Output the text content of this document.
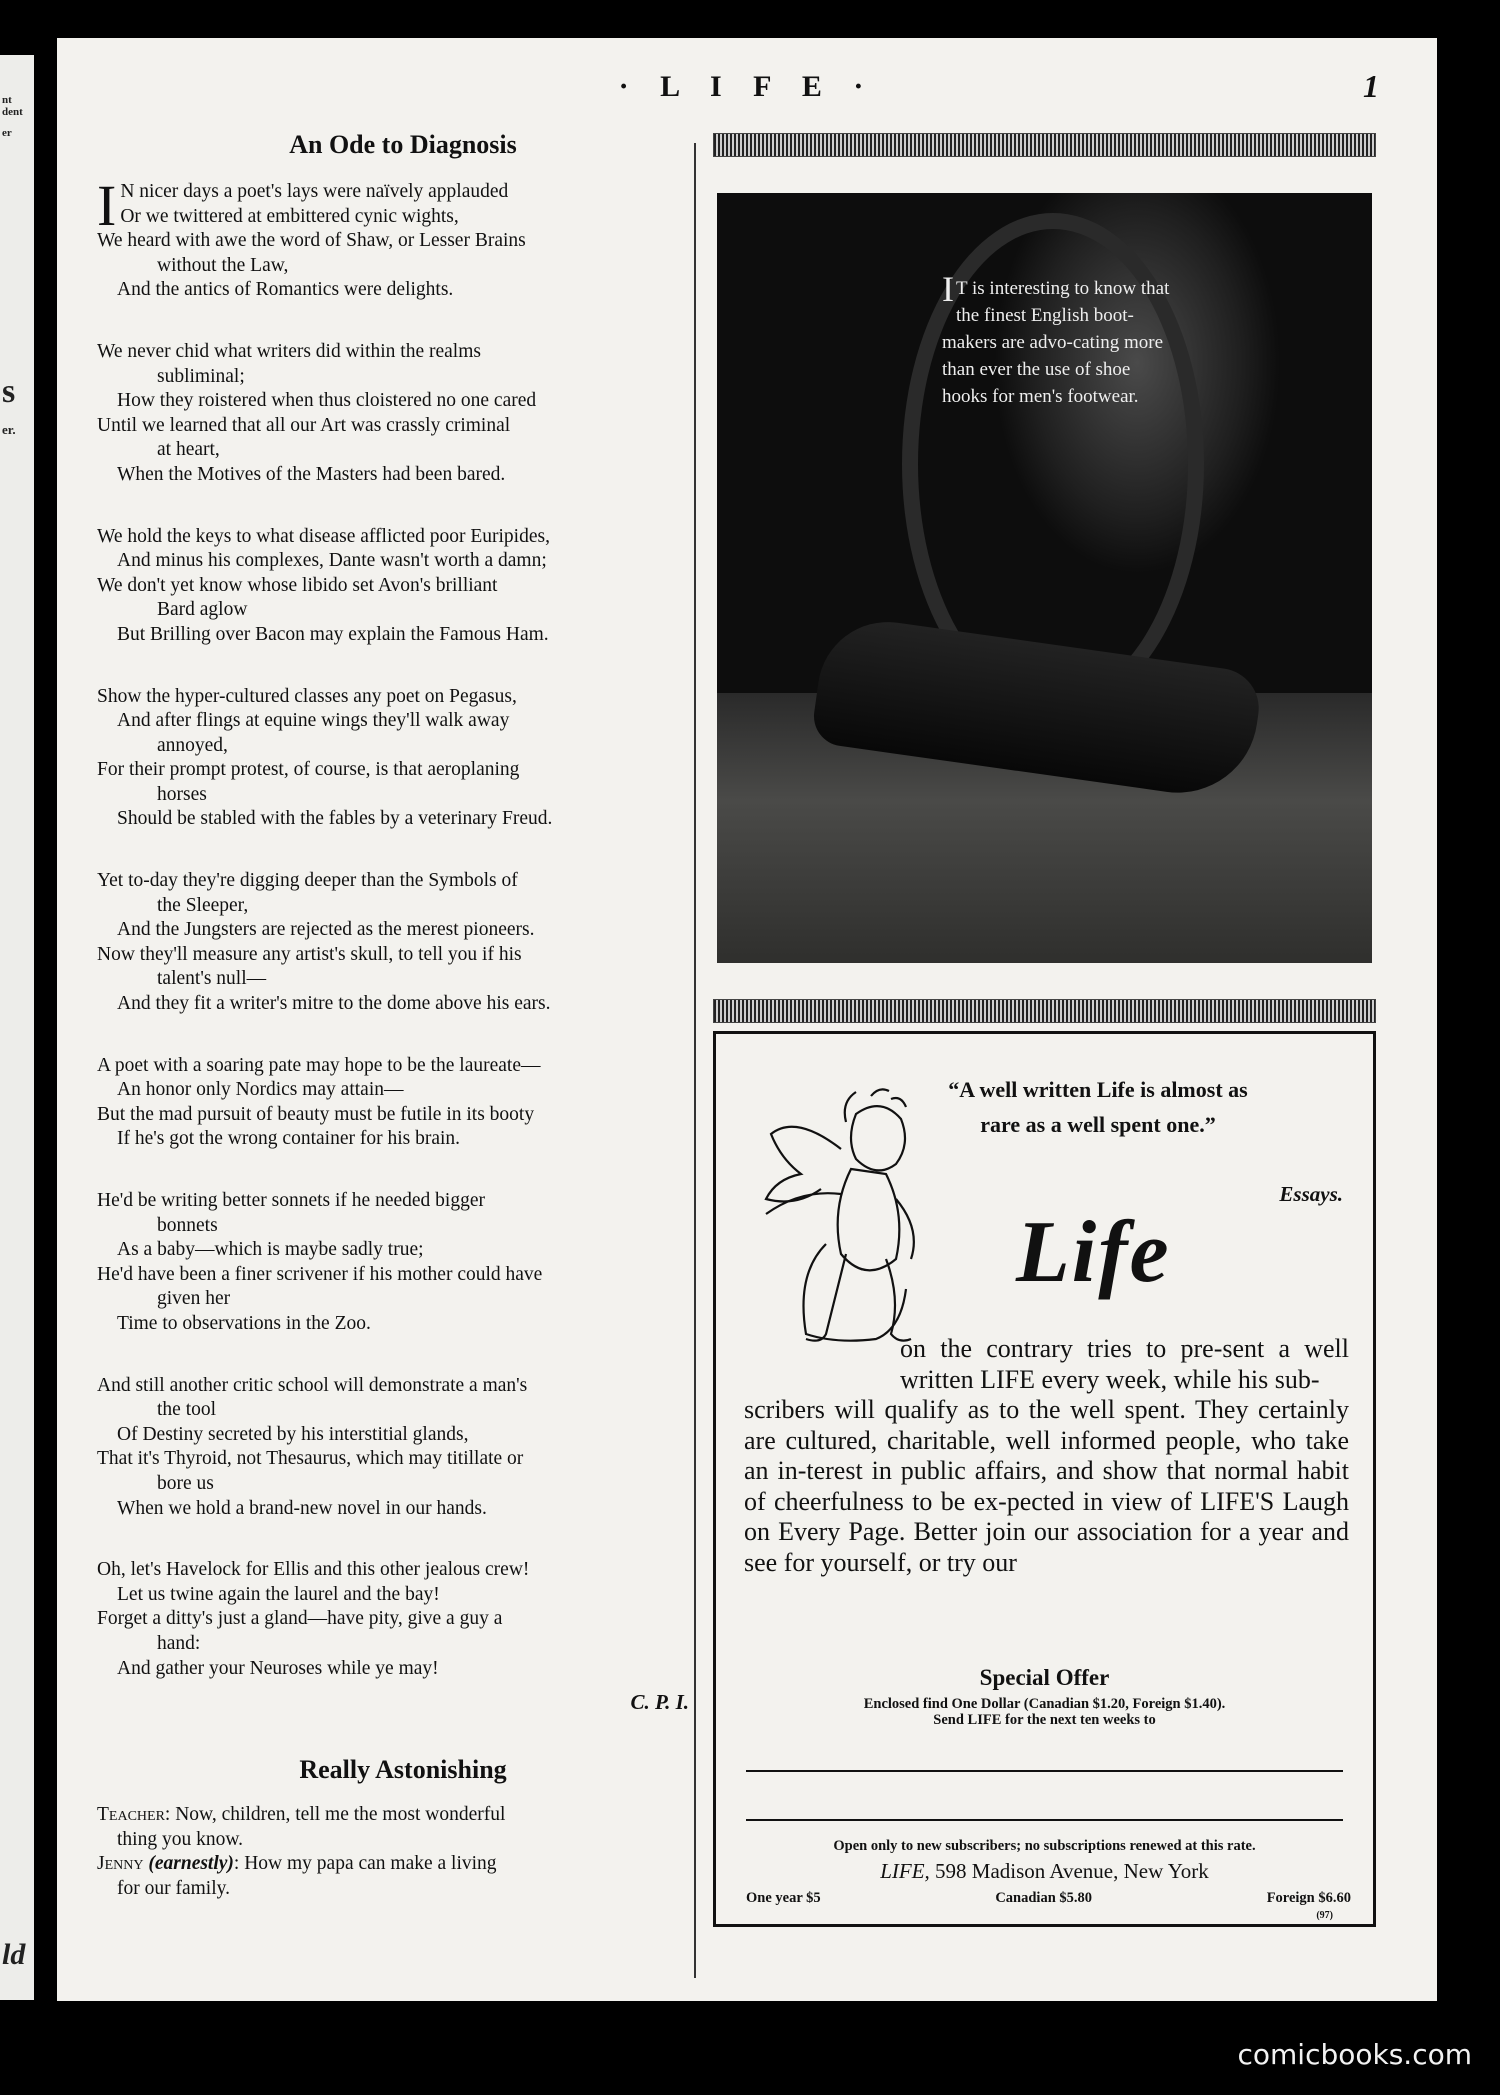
nt
dent
er
s
er.
ld
· L I F E ·	1
An Ode to Diagnosis
I N nicer days a poet's lays were naïvely applauded
Or we twittered at embittered cynic wights,
We heard with awe the word of Shaw, or Lesser Brains
without the Law,
And the antics of Romantics were delights.
We never chid what writers did within the realms
subliminal;
How they roistered when thus cloistered no one cared
Until we learned that all our Art was crassly criminal
at heart,
When the Motives of the Masters had been bared.
We hold the keys to what disease afflicted poor Euripides,
And minus his complexes, Dante wasn't worth a damn;
We don't yet know whose libido set Avon's brilliant
Bard aglow
But Brilling over Bacon may explain the Famous Ham.
Show the hyper-cultured classes any poet on Pegasus,
And after flings at equine wings they'll walk away
annoyed,
For their prompt protest, of course, is that aeroplaning
horses
Should be stabled with the fables by a veterinary Freud.
Yet to-day they're digging deeper than the Symbols of
the Sleeper,
And the Jungsters are rejected as the merest pioneers.
Now they'll measure any artist's skull, to tell you if his
talent's null—
And they fit a writer's mitre to the dome above his ears.
A poet with a soaring pate may hope to be the laureate—
An honor only Nordics may attain—
But the mad pursuit of beauty must be futile in its booty
If he's got the wrong container for his brain.
He'd be writing better sonnets if he needed bigger
bonnets
As a baby—which is maybe sadly true;
He'd have been a finer scrivener if his mother could have
given her
Time to observations in the Zoo.
And still another critic school will demonstrate a man's
the tool
Of Destiny secreted by his interstitial glands,
That it's Thyroid, not Thesaurus, which may titillate or
bore us
When we hold a brand-new novel in our hands.
Oh, let's Havelock for Ellis and this other jealous crew!
Let us twine again the laurel and the bay!
Forget a ditty's just a gland—have pity, give a guy a
hand:
And gather your Neuroses while ye may!
C. P. I.
Really Astonishing
Teacher: Now, children, tell me the most wonderful
thing you know.
Jenny (earnestly): How my papa can make a living
for our family.
I T is interesting to know that the finest English boot-makers are advo-cating more than ever the use of shoe hooks for men's footwear.
“A well written Life is almost as rare as a well spent one.”
Essays.
Life
on the contrary tries to pre-sent a well written LIFE every week, while his sub-
scribers will qualify as to the well spent. They certainly are cultured, charitable, well informed people, who take an in-terest in public affairs, and show that normal habit of cheerfulness to be ex-pected in view of LIFE'S Laugh on Every Page. Better join our association for a year and see for yourself, or try our
Special Offer
Enclosed find One Dollar (Canadian $1.20, Foreign $1.40).
Send LIFE for the next ten weeks to
Open only to new subscribers; no subscriptions renewed at this rate.
LIFE, 598 Madison Avenue, New York
One year $5	Canadian $5.80	Foreign $6.60
(97)
comicbooks.com
